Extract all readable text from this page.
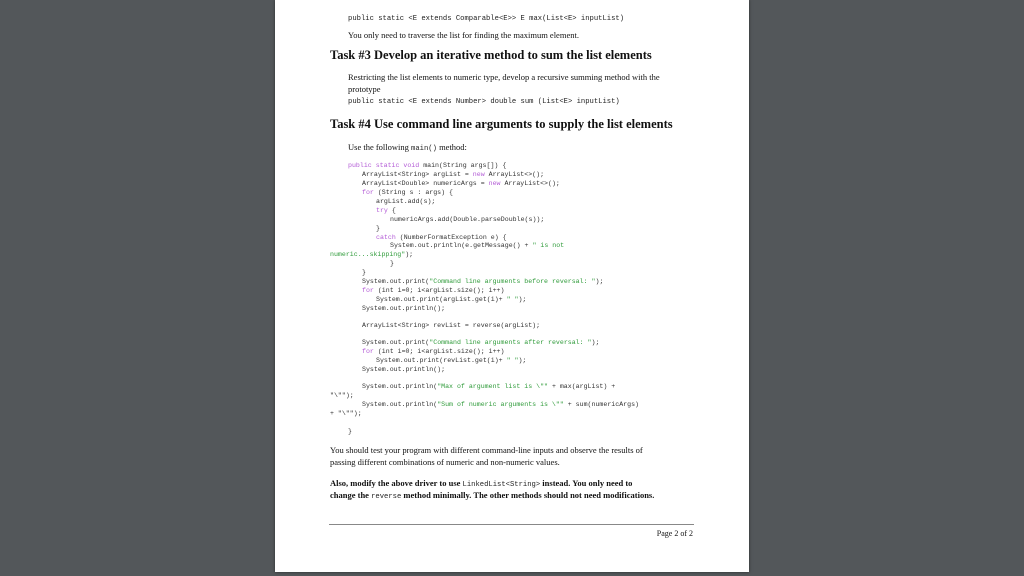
public static <E extends Comparable<E>> E max(List<E> inputList)
You only need to traverse the list for finding the maximum element.
Task #3 Develop an iterative method to sum the list elements
Restricting the list elements to numeric type, develop a recursive summing method with the
prototype
public static <E extends Number> double sum (List<E> inputList)
Task #4 Use command line arguments to supply the list elements
Use the following main() method:
public static void main(String args[]) {
ArrayList<String> argList = new ArrayList<>();
ArrayList<Double> numericArgs = new ArrayList<>();
for (String s : args) {
argList.add(s);
try {
numericArgs.add(Double.parseDouble(s));
}
catch (NumberFormatException e) {
System.out.println(e.getMessage() + " is not
numeric...skipping");
}
}
System.out.print("Command line arguments before reversal: ");
for (int i=0; i<argList.size(); i++)
System.out.print(argList.get(i)+ " ");
System.out.println();
ArrayList<String> revList = reverse(argList);
System.out.print("Command line arguments after reversal: ");
for (int i=0; i<argList.size(); i++)
System.out.print(revList.get(i)+ " ");
System.out.println();
System.out.println("Max of argument list is \"" + max(argList) +
"\"");
System.out.println("Sum of numeric arguments is \"" + sum(numericArgs)
+ "\"");
}
You should test your program with different command-line inputs and observe the results of
passing different combinations of numeric and non-numeric values.
Also, modify the above driver to use LinkedList<String> instead. You only need to
change the reverse method minimally. The other methods should not need modifications.
Page 2 of 2
